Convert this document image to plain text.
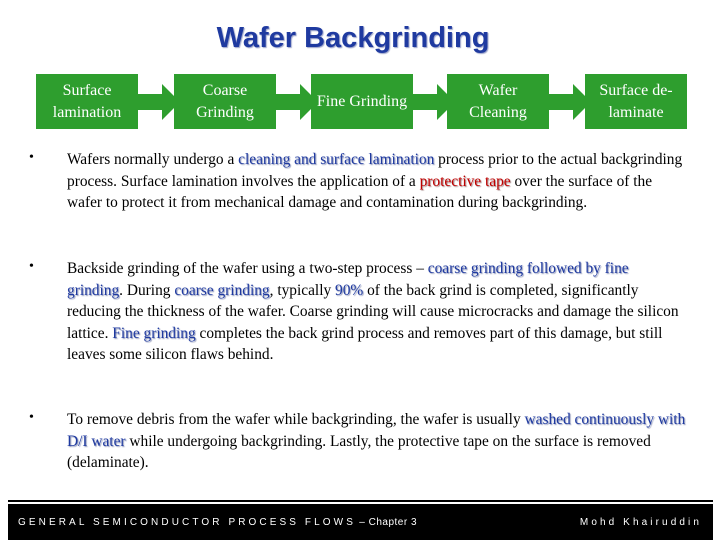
Wafer Backgrinding
Surface lamination
Coarse Grinding
Fine Grinding
Wafer Cleaning
Surface de-laminate
• Wafers normally undergo a cleaning and surface lamination process prior to the actual backgrinding process. Surface lamination involves the application of a protective tape over the surface of the wafer to protect it from mechanical damage and contamination during backgrinding.
• Backside grinding of the wafer using a two-step process – coarse grinding followed by fine grinding. During coarse grinding, typically 90% of the back grind is completed, significantly reducing the thickness of the wafer. Coarse grinding will cause microcracks and damage the silicon lattice. Fine grinding completes the back grind process and removes part of this damage, but still leaves some silicon flaws behind.
• To remove debris from the wafer while backgrinding, the wafer is usually washed continuously with D/I water while undergoing backgrinding. Lastly, the protective tape on the surface is removed (delaminate).
GENERAL SEMICONDUCTOR PROCESS FLOWS – Chapter 3	Mohd Khairuddin
